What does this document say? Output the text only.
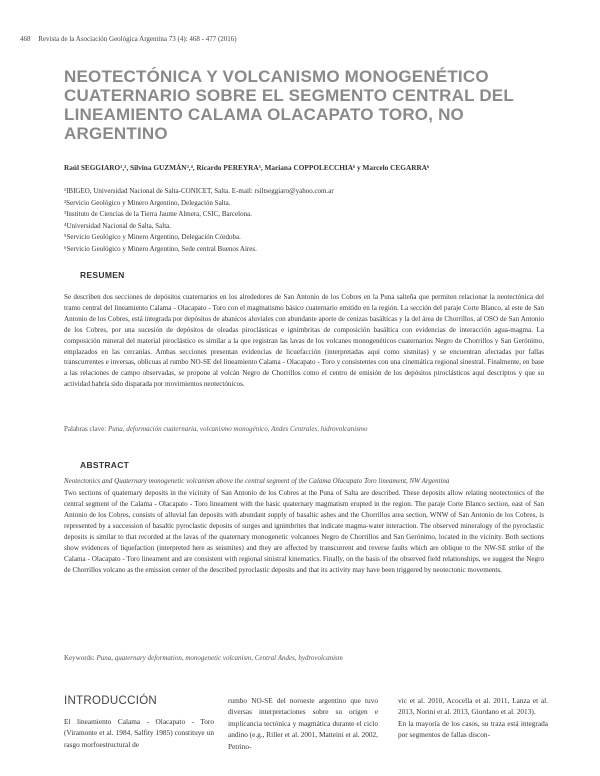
468 Revista de la Asociación Geológica Argentina 73 (4): 468 - 477 (2016)
NEOTECTÓNICA Y VOLCANISMO MONOGENÉTICO CUATERNARIO SOBRE EL SEGMENTO CENTRAL DEL LINEAMIENTO CALAMA OLACAPATO TORO, NO ARGENTINO
Raúl SEGGIARO¹,², Silvina GUZMÁN³,⁴, Ricardo PEREYRA⁵, Mariana COPPOLECCHIA⁶ y Marcelo CEGARRA⁶
¹IBIGEO, Universidad Nacional de Salta-CONICET, Salta. E-mail: rsiltseggiaro@yahoo.com.ar
²Servicio Geológico y Minero Argentino, Delegación Salta.
³Instituto de Ciencias de la Tierra Jaume Almera, CSIC, Barcelona.
⁴Universidad Nacional de Salta, Salta.
⁵Servicio Geológico y Minero Argentino, Delegación Córdoba.
⁶Servicio Geológico y Minero Argentino, Sede central Buenos Aires.
RESUMEN
Se describen dos secciones de depósitos cuaternarios en los alrededores de San Antonio de los Cobres en la Puna salteña que permiten relacionar la neotectónica del tramo central del lineamiento Calama - Olacapato - Toro con el magmatismo básico cuaternario emitido en la región. La sección del paraje Corte Blanco, al este de San Antonio de los Cobres, está integrada por depósitos de abanicos aluviales con abundante aporte de cenizas basálticas y la del área de Chorrillos, al OSO de San Antonio de los Cobres, por una sucesión de depósitos de oleadas piroclásticas e ignimbritas de composición basáltica con evidencias de interacción agua-magma. La composición mineral del material piroclástico es similar a la que registran las lavas de los volcanes monogenéticos cuaternarios Negro de Chorrillos y San Gerónimo, emplazados en las cercanías. Ambas secciones presentan evidencias de licuefacción (interpretadas aquí como sismitas) y se encuentran afectadas por fallas transcurrentes e inversas, oblicuas al rumbo NO-SE del lineamiento Calama - Olacapato - Toro y consistentes con una cinemática regional sinestral. Finalmente, en base a las relaciones de campo observadas, se propone al volcán Negro de Chorrillos como el centro de emisión de los depósitos piroclásticos aquí descriptos y que su actividad habría sido disparada por movimientos neotectónicos.
Palabras clave: Puna, deformación cuaternaria, volcanismo monogénico, Andes Centrales, hidrovolcanismo
ABSTRACT
Neotectonics and Quaternary monogenetic volcanism above the central segment of the Calama Olacapato Toro lineament, NW Argentina
Two sections of quaternary deposits in the vicinity of San Antonio de los Cobres at the Puna of Salta are described. These deposits allow relating neotectonics of the central segment of the Calama - Olacapato - Toro lineament with the basic quaternary magmatism erupted in the region. The paraje Corte Blanco section, east of San Antonio de los Cobres, consists of alluvial fan deposits with abundant supply of basaltic ashes and the Chorrillos area section, WNW of San Antonio de los Cobres, is represented by a succession of basaltic pyroclastic deposits of surges and ignimbrites that indicate magma-water interaction. The observed mineralogy of the pyroclastic deposits is similar to that recorded at the lavas of the quaternary monogenetic volcanoes Negro de Chorrillos and San Gerónimo, located in the vicinity. Both sections show evidences of liquefaction (interpreted here as seismites) and they are affected by transcurrent and reverse faults which are oblique to the NW-SE strike of the Calama - Olacapato - Toro lineament and are consistent with regional sinistral kinematics. Finally, on the basis of the observed field relationships, we suggest the Negro de Chorrillos volcano as the emission center of the described pyroclastic deposits and that its activity may have been triggered by neotectonic movements.
Keywords: Puna, quaternary deformation, monogenetic volcanism, Central Andes, hydrovolcanism
INTRODUCCIÓN

El lineamiento Calama - Olacapato - Toro (Viramonte et al. 1984, Salfity 1985) constituye un rasgo morfoestructural de

rumbo NO-SE del noroeste argentino que tuvo diversas interpretaciones sobre su origen e implicancia tectónica y magmática durante el ciclo andino (e.g., Riller et al. 2001, Matteini et al. 2002, Petrino-

vic et al. 2010, Acocella et al. 2011, Lanza et al. 2013, Norini et al. 2013, Giordano et al. 2013).

En la mayoría de los casos, su traza está integrada por segmentos de fallas discon-
